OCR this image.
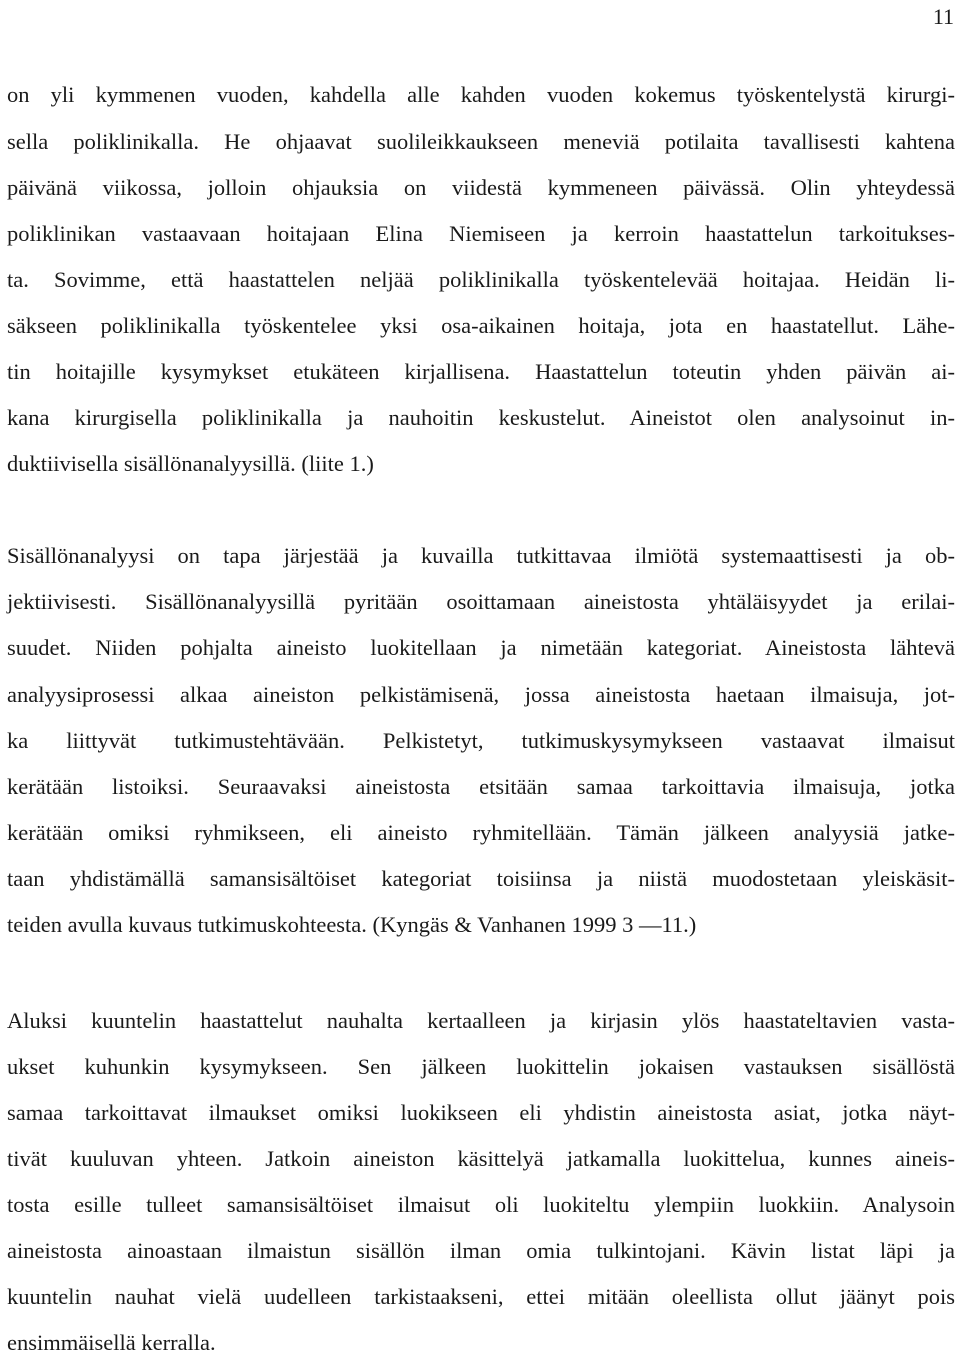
11
on yli kymmenen vuoden, kahdella alle kahden vuoden kokemus työskentelystä kirurgi-
sella poliklinikalla. He ohjaavat suolileikkaukseen meneviä potilaita tavallisesti kahtena
päivänä viikossa, jolloin ohjauksia on viidestä kymmeneen päivässä. Olin yhteydessä
poliklinikan vastaavaan hoitajaan Elina Niemiseen ja kerroin haastattelun tarkoitukses-
ta. Sovimme, että haastattelen neljää poliklinikalla työskentelevää hoitajaa. Heidän li-
säkseen poliklinikalla työskentelee yksi osa-aikainen hoitaja, jota en haastatellut. Lähe-
tin hoitajille kysymykset etukäteen kirjallisena. Haastattelun toteutin yhden päivän ai-
kana kirurgisella poliklinikalla ja nauhoitin keskustelut. Aineistot olen analysoinut in-
duktiivisella sisällönanalyysillä. (liite 1.)
Sisällönanalyysi on tapa järjestää ja kuvailla tutkittavaa ilmiötä systemaattisesti ja ob-
jektiivisesti. Sisällönanalyysillä pyritään osoittamaan aineistosta yhtäläisyydet ja erilai-
suudet. Niiden pohjalta aineisto luokitellaan ja nimetään kategoriat. Aineistosta lähtevä
analyysiprosessi alkaa aineiston pelkistämisenä, jossa aineistosta haetaan ilmaisuja, jot-
ka liittyvät tutkimustehtävään. Pelkistetyt, tutkimuskysymykseen vastaavat ilmaisut
kerätään listoiksi. Seuraavaksi aineistosta etsitään samaa tarkoittavia ilmaisuja, jotka
kerätään omiksi ryhmikseen, eli aineisto ryhmitellään. Tämän jälkeen analyysiä jatke-
taan yhdistämällä samansisältöiset kategoriat toisiinsa ja niistä muodostetaan yleiskäsit-
teiden avulla kuvaus tutkimuskohteesta. (Kyngäs & Vanhanen 1999 3 —11.)
Aluksi kuuntelin haastattelut nauhalta kertaalleen ja kirjasin ylös haastateltavien vasta-
ukset kuhunkin kysymykseen. Sen jälkeen luokittelin jokaisen vastauksen sisällöstä
samaa tarkoittavat ilmaukset omiksi luokikseen eli yhdistin aineistosta asiat, jotka näyt-
tivät kuuluvan yhteen. Jatkoin aineiston käsittelyä jatkamalla luokittelua, kunnes aineis-
tosta esille tulleet samansisältöiset ilmaisut oli luokiteltu ylempiin luokkiin. Analysoin
aineistosta ainoastaan ilmaistun sisällön ilman omia tulkintojani. Kävin listat läpi ja
kuuntelin nauhat vielä uudelleen tarkistaakseni, ettei mitään oleellista ollut jäänyt pois
ensimmäisellä kerralla.
